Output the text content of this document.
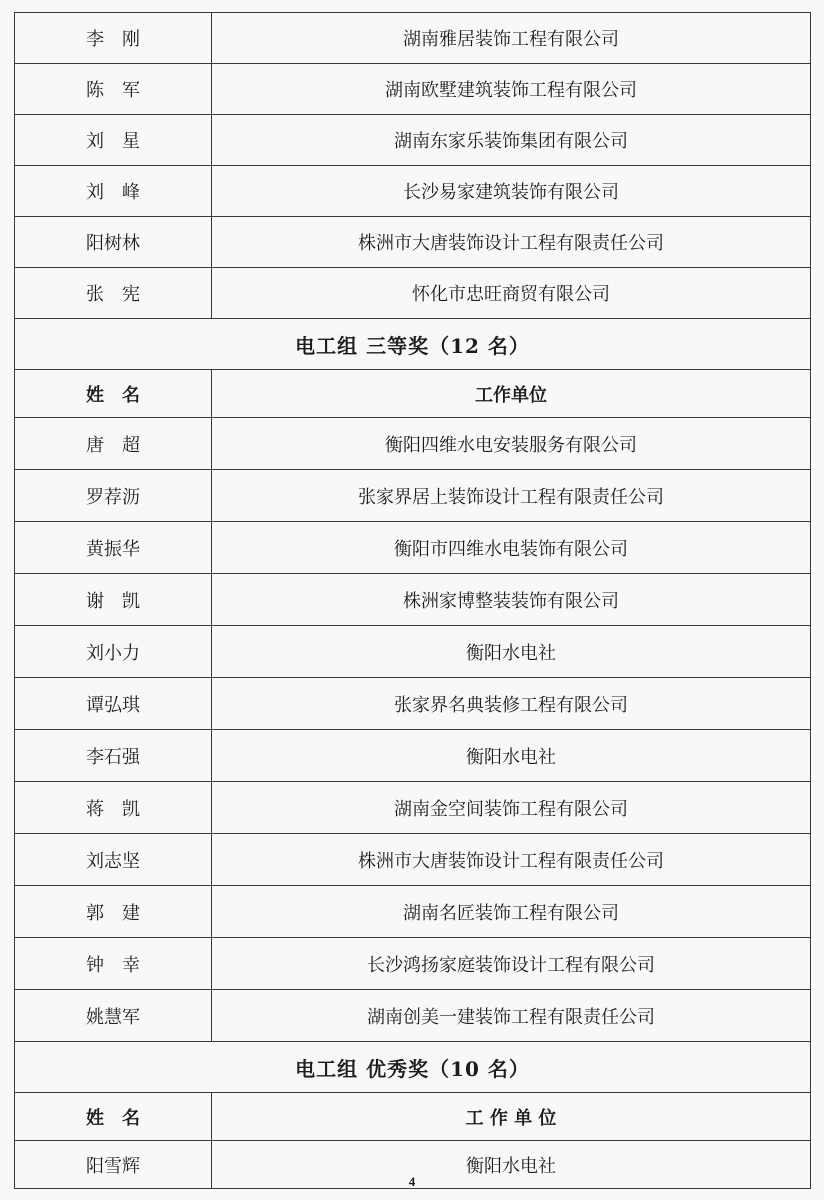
李　刚	湖南雅居装饰工程有限公司
陈　军	湖南欧墅建筑装饰工程有限公司
刘　星	湖南东家乐装饰集团有限公司
刘　峰	长沙易家建筑装饰有限公司
阳树林	株洲市大唐装饰设计工程有限责任公司
张　宪	怀化市忠旺商贸有限公司
电工组 三等奖（12 名）	
姓　名	工作单位
唐　超	衡阳四维水电安装服务有限公司
罗荐沥	张家界居上装饰设计工程有限责任公司
黄振华	衡阳市四维水电装饰有限公司
谢　凯	株洲家博整装装饰有限公司
刘小力	衡阳水电社
谭弘琪	张家界名典装修工程有限公司
李石强	衡阳水电社
蒋　凯	湖南金空间装饰工程有限公司
刘志坚	株洲市大唐装饰设计工程有限责任公司
郭　建	湖南名匠装饰工程有限公司
钟　幸	长沙鸿扬家庭装饰设计工程有限公司
姚慧军	湖南创美一建装饰工程有限责任公司
电工组 优秀奖（10 名）	
姓　名	工 作 单 位
阳雪辉	衡阳水电社
4
